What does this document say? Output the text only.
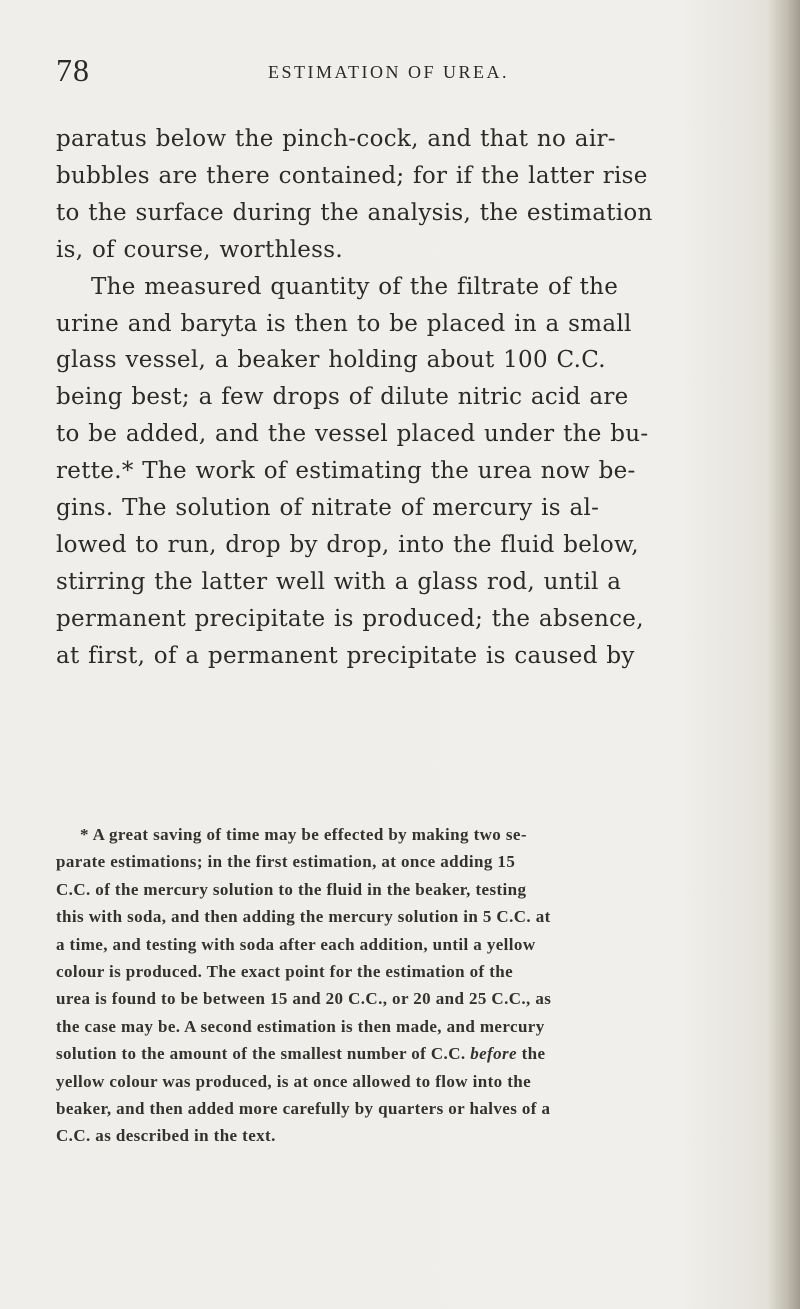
78	ESTIMATION OF UREA.
paratus below the pinch-cock, and that no air-
bubbles are there contained; for if the latter rise
to the surface during the analysis, the estimation
is, of course, worthless.
The measured quantity of the filtrate of the
urine and baryta is then to be placed in a small
glass vessel, a beaker holding about 100 C.C.
being best; a few drops of dilute nitric acid are
to be added, and the vessel placed under the bu-
rette.* The work of estimating the urea now be-
gins. The solution of nitrate of mercury is al-
lowed to run, drop by drop, into the fluid below,
stirring the latter well with a glass rod, until a
permanent precipitate is produced; the absence,
at first, of a permanent precipitate is caused by
* A great saving of time may be effected by making two se-
parate estimations; in the first estimation, at once adding 15
C.C. of the mercury solution to the fluid in the beaker, testing
this with soda, and then adding the mercury solution in 5 C.C. at
a time, and testing with soda after each addition, until a yellow
colour is produced. The exact point for the estimation of the
urea is found to be between 15 and 20 C.C., or 20 and 25 C.C., as
the case may be. A second estimation is then made, and mercury
solution to the amount of the smallest number of C.C. before the
yellow colour was produced, is at once allowed to flow into the
beaker, and then added more carefully by quarters or halves of a
C.C. as described in the text.
